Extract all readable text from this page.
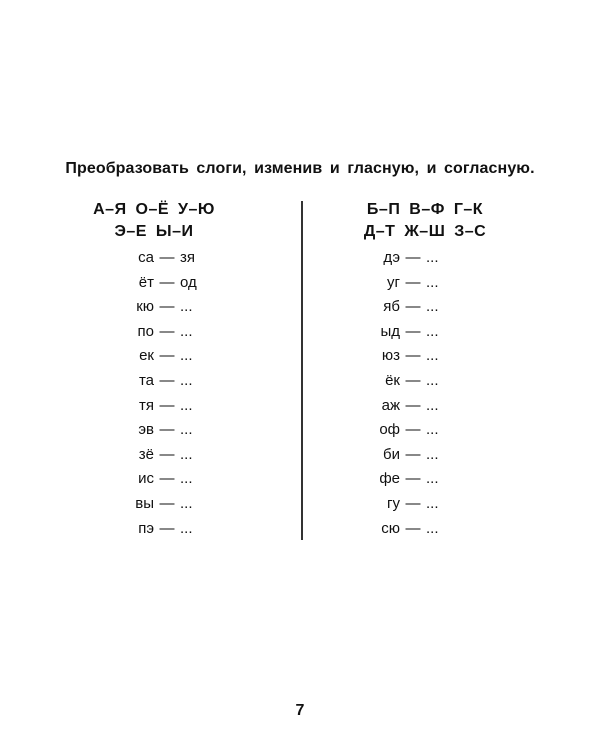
Преобразовать слоги, изменив и гласную, и согласную.
А–Я О–Ё У–Ю
Э–Е Ы–И
Б–П В–Ф Г–К
Д–Т Ж–Ш З–С
са — зя
ёт — од
кю — ...
по — ...
ек — ...
та — ...
тя — ...
эв — ...
зё — ...
ис — ...
вы — ...
пэ — ...
дэ — ...
уг — ...
яб — ...
ыд — ...
юз — ...
ёк — ...
аж — ...
оф — ...
би — ...
фе — ...
гу — ...
сю — ...
7
